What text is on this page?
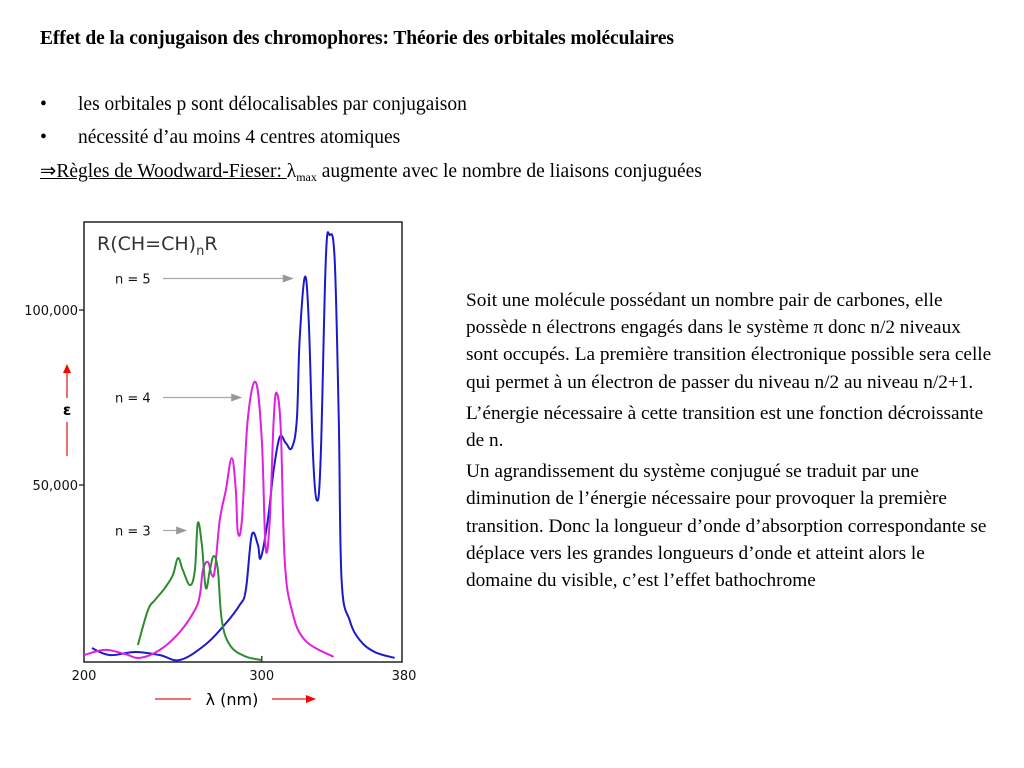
Effet de la conjugaison des chromophores: Théorie des orbitales moléculaires
• les orbitales p sont délocalisables par conjugaison
• nécessité d’au moins 4 centres atomiques
⇒Règles de Woodward-Fieser: $\lambda_{max}$ augmente avec le nombre de liaisons conjuguées

Soit une molécule possédant un nombre pair de carbones, elle possède n électrons engagés dans le système π donc n/2 niveaux sont occupés. La première transition électronique possible sera celle qui permet à un électron de passer du niveau n/2 au niveau n/2+1.

L’énergie nécessaire à cette transition est une fonction décroissante de n.

Un agrandissement du système conjugué se traduit par une diminution de l’énergie nécessaire pour provoquer la première transition. Donc la longueur d’onde d’absorption correspondante se déplace vers les grandes longueurs d’onde et atteint alors le domaine du visible, c’est l’effet bathochrome

$R(CH=CH)_nR$
50,000
100,000
200	300	380
n = 5
n = 4
n = 3
ε
λ (nm)
